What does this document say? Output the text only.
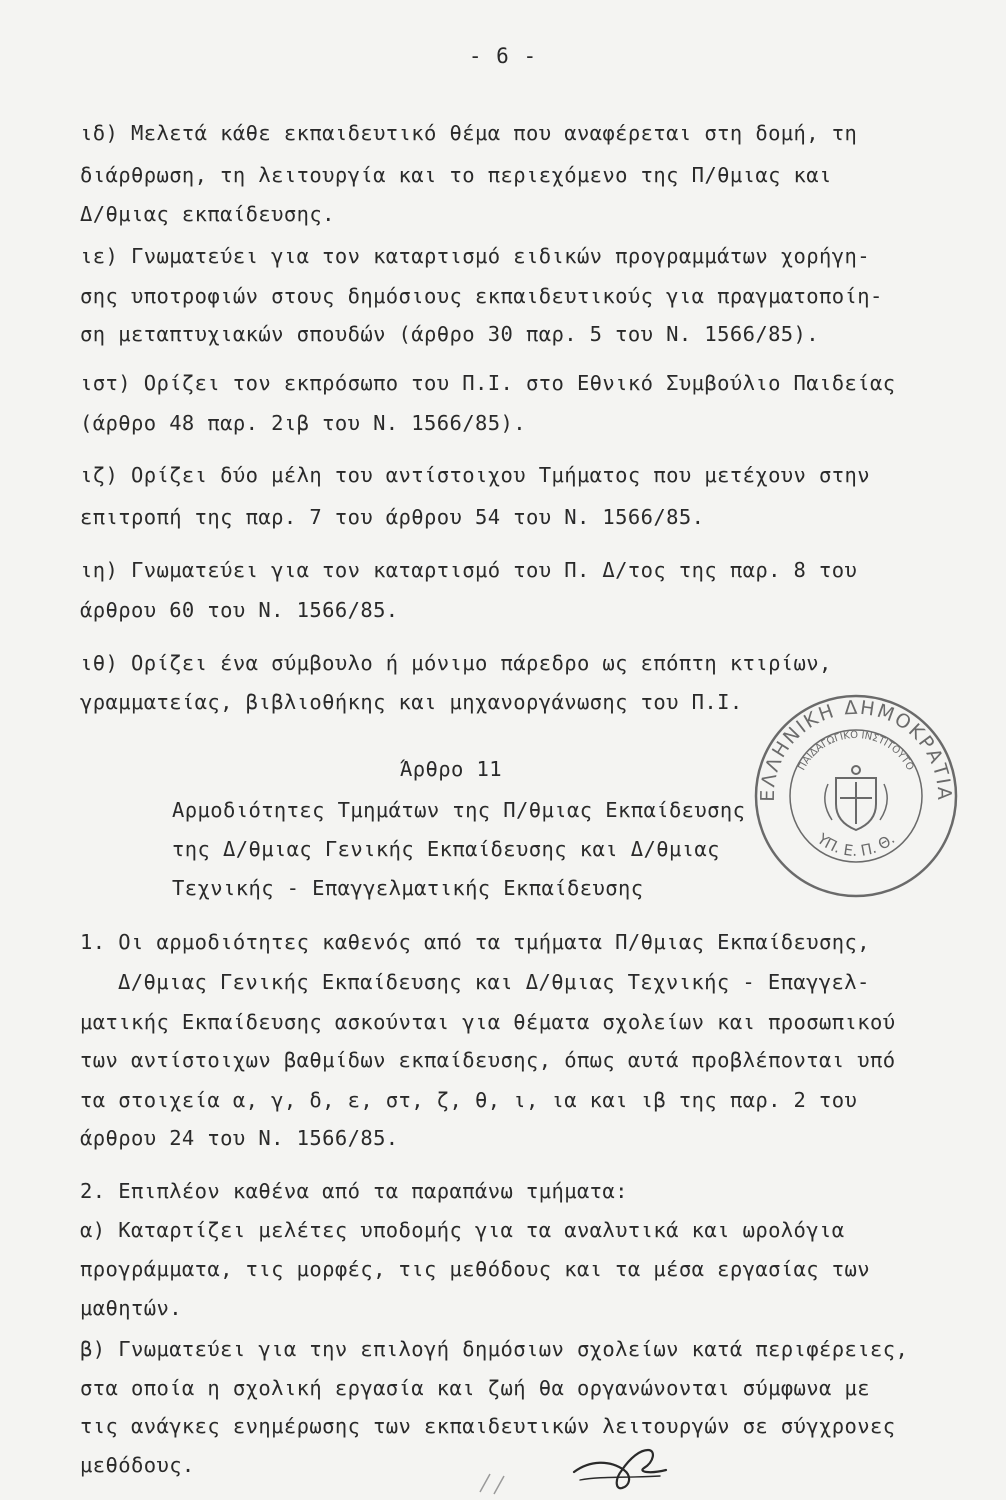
- 6 -
ιδ) Μελετά κάθε εκπαιδευτικό θέμα που αναφέρεται στη δομή, τη
διάρθρωση, τη λειτουργία και το περιεχόμενο της Π/θμιας και
Δ/θμιας εκπαίδευσης.
ιε) Γνωματεύει για τον καταρτισμό ειδικών προγραμμάτων χορήγη-
σης υποτροφιών στους δημόσιους εκπαιδευτικούς για πραγματοποίη-
ση μεταπτυχιακών σπουδών (άρθρο 30 παρ. 5 του Ν. 1566/85).
ιστ) Ορίζει τον εκπρόσωπο του Π.Ι. στο Εθνικό Συμβούλιο Παιδείας
(άρθρο 48 παρ. 2ιβ του Ν. 1566/85).
ιζ) Ορίζει δύο μέλη του αντίστοιχου Τμήματος που μετέχουν στην
επιτροπή της παρ. 7 του άρθρου 54 του Ν. 1566/85.
ιη) Γνωματεύει για τον καταρτισμό του Π. Δ/τος της παρ. 8 του
άρθρου 60 του Ν. 1566/85.
ιθ) Ορίζει ένα σύμβουλο ή μόνιμο πάρεδρο ως επόπτη κτιρίων,
γραμματείας, βιβλιοθήκης και μηχανοργάνωσης του Π.Ι.
Άρθρο 11
Αρμοδιότητες Τμημάτων της Π/θμιας Εκπαίδευσης
της Δ/θμιας Γενικής Εκπαίδευσης και Δ/θμιας
Τεχνικής - Επαγγελματικής Εκπαίδευσης
1. Οι αρμοδιότητες καθενός από τα τμήματα Π/θμιας Εκπαίδευσης,
Δ/θμιας Γενικής Εκπαίδευσης και Δ/θμιας Τεχνικής - Επαγγελ-
ματικής Εκπαίδευσης ασκούνται για θέματα σχολείων και προσωπικού
των αντίστοιχων βαθμίδων εκπαίδευσης, όπως αυτά προβλέπονται υπό
τα στοιχεία α, γ, δ, ε, στ, ζ, θ, ι, ια και ιβ της παρ. 2 του
άρθρου 24 του Ν. 1566/85.
2. Επιπλέον καθένα από τα παραπάνω τμήματα:
α) Καταρτίζει μελέτες υποδομής για τα αναλυτικά και ωρολόγια
προγράμματα, τις μορφές, τις μεθόδους και τα μέσα εργασίας των
μαθητών.
β) Γνωματεύει για την επιλογή δημόσιων σχολείων κατά περιφέρειες,
στα οποία η σχολική εργασία και ζωή θα οργανώνονται σύμφωνα με
τις ανάγκες ενημέρωσης των εκπαιδευτικών λειτουργών σε σύγχρονες
μεθόδους.
ΕΛΛΗΝΙΚΗ ΔΗΜΟΚΡΑΤΙΑ
ΠΑΙΔΑΓΩΓΙΚΟ ΙΝΣΤΙΤΟΥΤΟ
ΥΠ. Ε. Π. Θ.
